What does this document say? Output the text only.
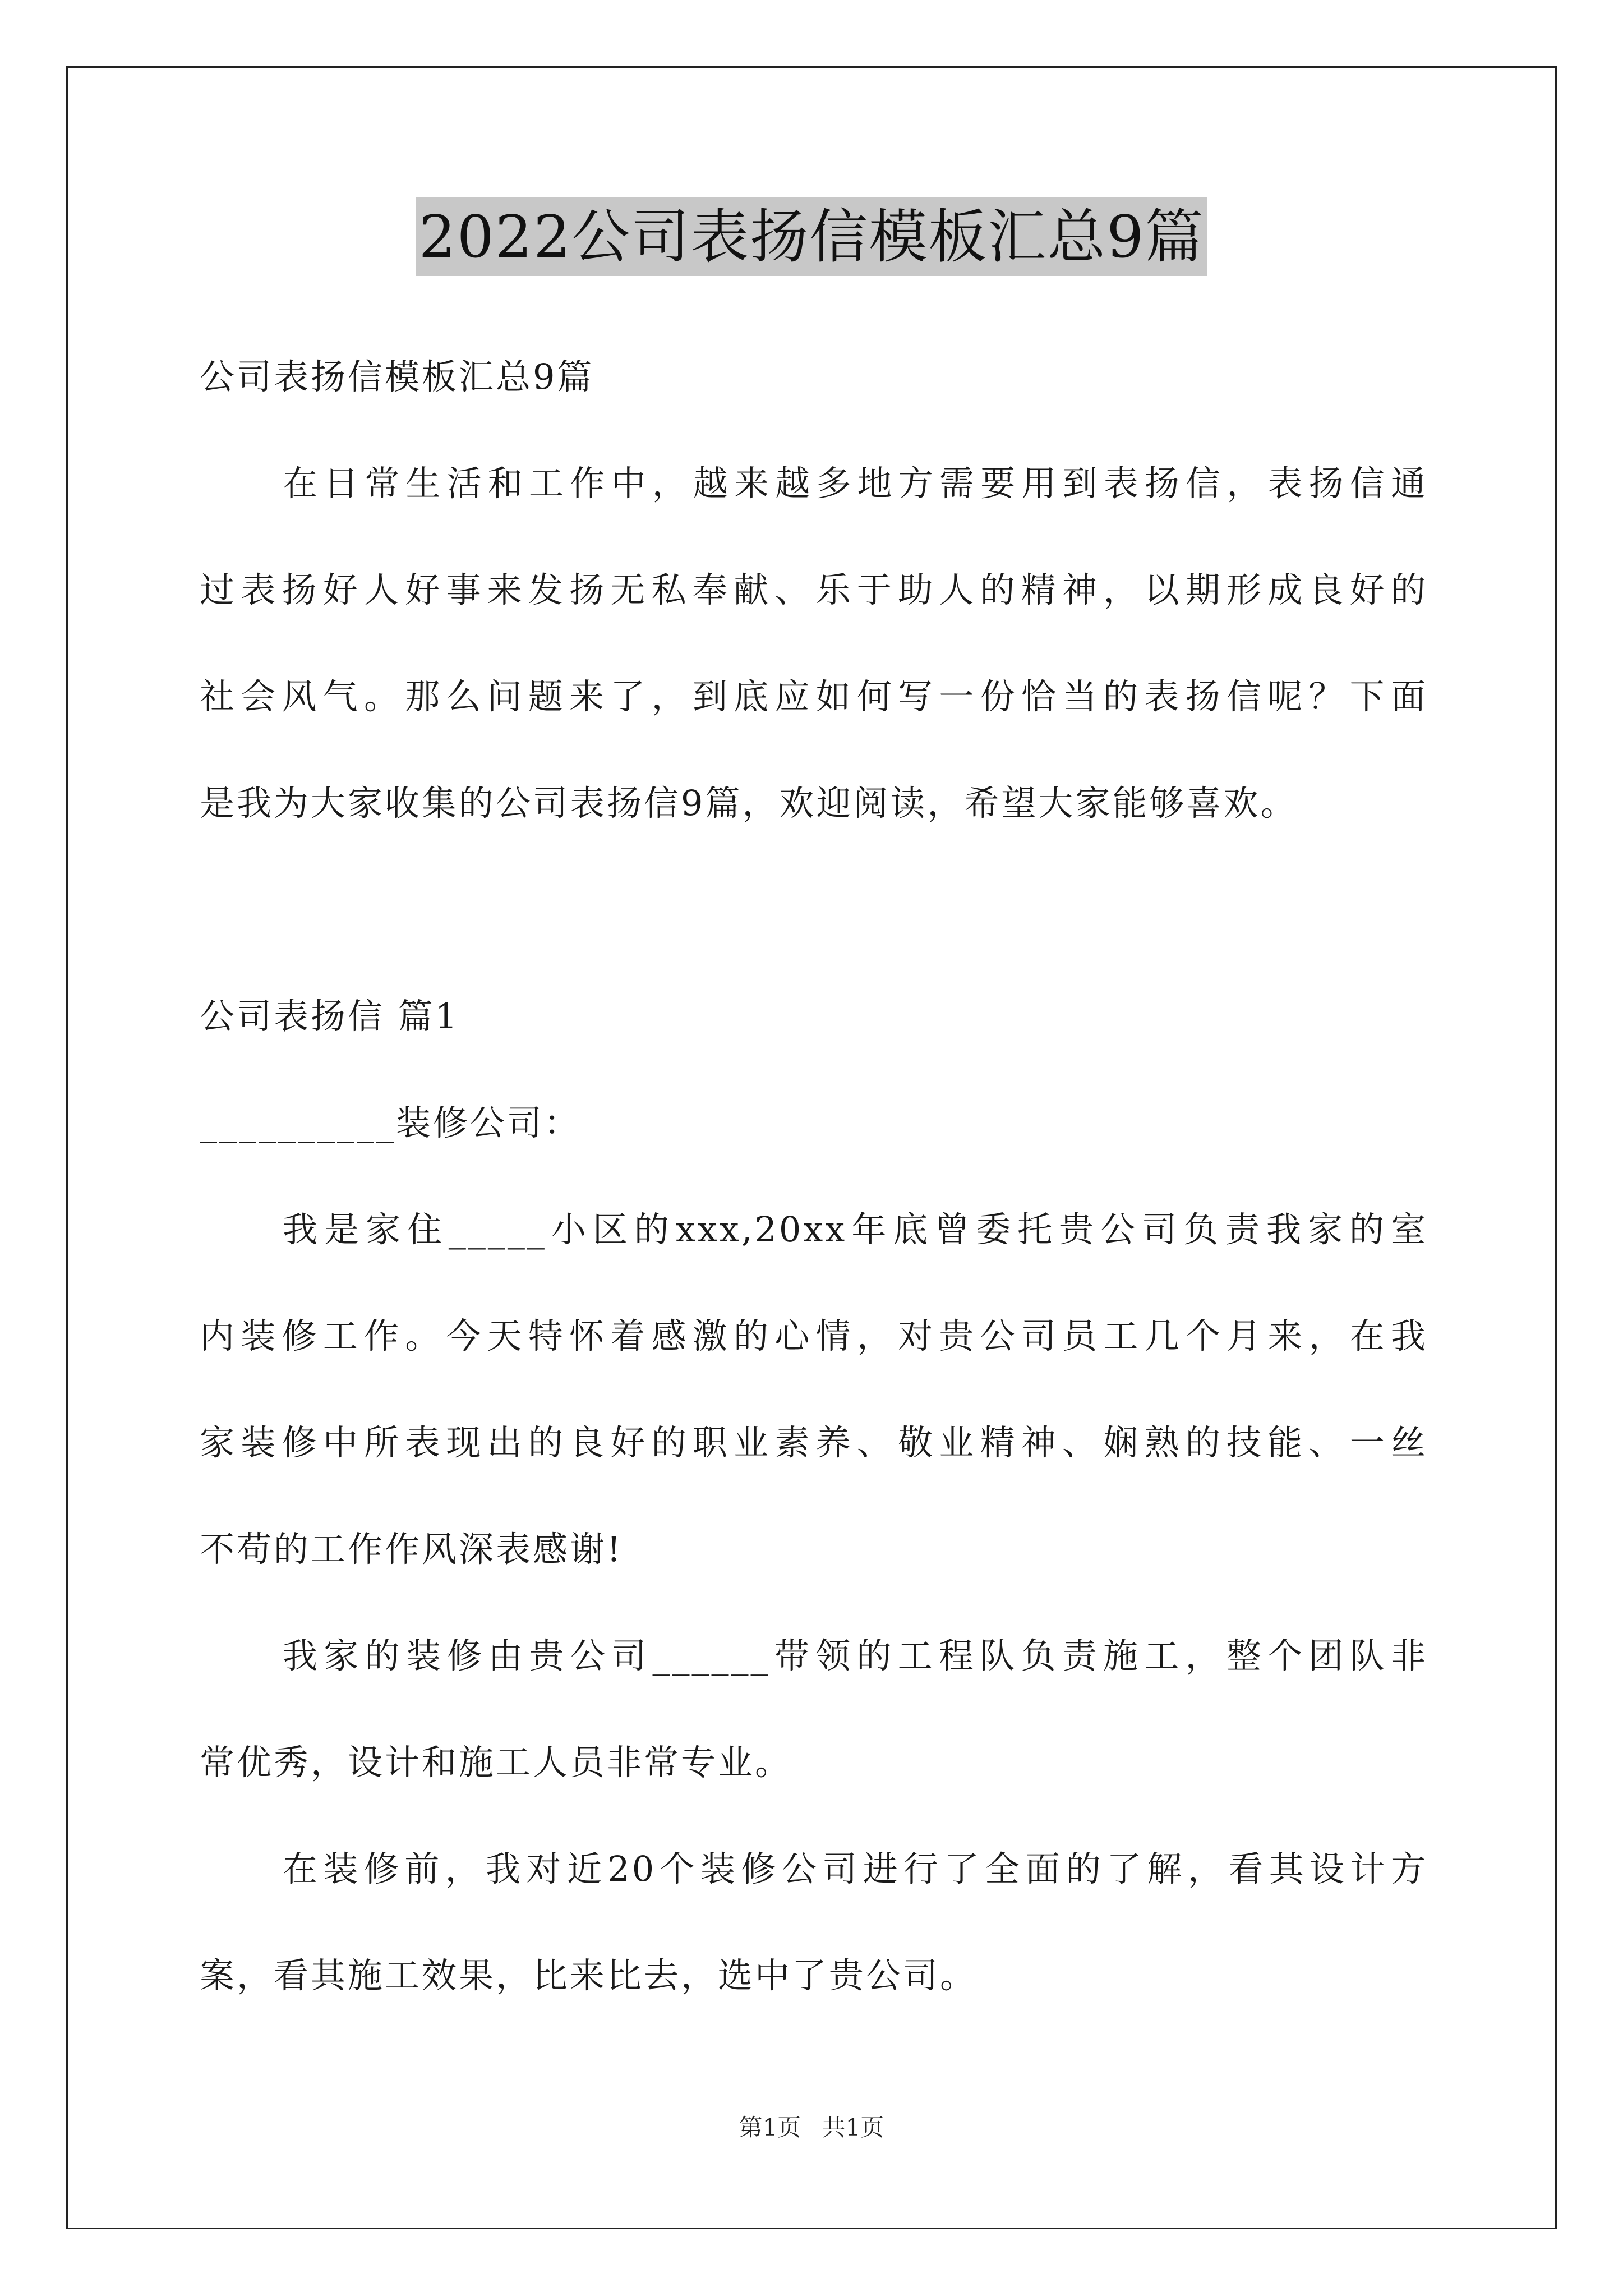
2022公司表扬信模板汇总9篇
公司表扬信模板汇总9篇
在日常生活和工作中，越来越多地方需要用到表扬信，表扬信通
过表扬好人好事来发扬无私奉献、乐于助人的精神，以期形成良好的
社会风气。那么问题来了，到底应如何写一份恰当的表扬信呢？下面
是我为大家收集的公司表扬信9篇，欢迎阅读，希望大家能够喜欢。
公司表扬信 篇1
__________装修公司：
我是家住_____小区的xxx,20xx年底曾委托贵公司负责我家的室
内装修工作。今天特怀着感激的心情，对贵公司员工几个月来，在我
家装修中所表现出的良好的职业素养、敬业精神、娴熟的技能、一丝
不苟的工作作风深表感谢!
我家的装修由贵公司______带领的工程队负责施工，整个团队非
常优秀，设计和施工人员非常专业。
在装修前，我对近20个装修公司进行了全面的了解，看其设计方
案，看其施工效果，比来比去，选中了贵公司。
第1页 共1页
